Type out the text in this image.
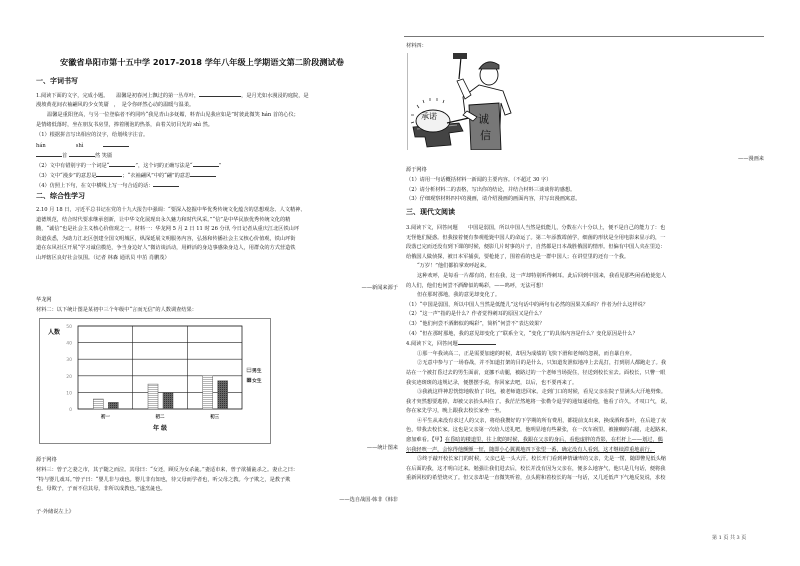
安徽省阜阳市第十五中学 2017-2018 学年八年级上学期语文第二阶段测试卷
一、字词书写
1.阅读下面的文字，完成小题。　　温馨是初春河上飘过的第一丛草叶，	，是月光如水漫浸的庭院，是
漫坡黄花间衣袖翩风的少女笑靥　，　是令你砰然心动的温暖与温柔。
温馨是重阳登高，与另一位登临者不约同吟“我见青山多妩媚，料青山见我应如是”时彼此微笑 hán 首的心仪；
是情绪低落时，坐在朋友书房里，捧着刚泡的热茶，由着关切目光的 shì 然。
（1）根据拼音写出相应的汉字，给划线字注音。
hán	shì
首	然 笑靥
（2）文中有错别字的一个词是“	”，这个词的正确写法是“	”
（3）文中“漫步”的意思是	；“衣袖翩风”中的“翩”的意思
（4）仿照上下句，在文中横线上写一句合适的话：
二、综合性学习
2.10 月 18 日，习近平总书记在党的十九大报告中强调：“要深入挖掘中华优秀传统文化蕴含的思想观念、人文精神、
道德规范，结合时代要求继承创新，让中华文化展现出永久魅力和时代风采。”“信”是中华民族优秀传统文化的精
髓，“诚信”也是社会主义核心价值观之一。材料一：华龙网 5 月 2 日 11 时 26 分讯 今日记者从重庆江北区铁山坪
街道获悉，为助力江北区创建全国文明城区，纵深延展文明服务内容，弘扬和传播社会主义核心价值观，铁山坪街
道在东风社区开展“学习诚信模范，争当身边好人”微访谈活动，用鲜活的身边事感染身边人，用群众的方式营造铁
山坪辖区良好社会氛围。（记者 林森 通讯员 申茁 肖鹏茂）
——新闻来源于
华龙网
材料二：以下统计图是某初中三个年级中“言而无信”的人数调查结果：
0
10
20
30
40
50
人数
初一	初二	初三
年 级
男生
女生
——统计图来
源于网络
材料三：曾子之妻之市，其子随之而泣。其母曰：“女还，顾反为女杀彘。”妻适市来，曾子欲捕彘杀之。妻止之曰：
“特与婴儿戏耳。”曾子曰：“婴儿非与戏也。婴儿非有知也，待父母而学者也，听父母之教。今子欺之，是教子欺
也。母欺子，子而不信其母，非所以成教也。”遂烹彘也。
——选自战国·韩非《韩非
子·外储说左上》
材料四：
承诺	诚
信
——漫画来
源于网络
（1）请用一句话概括材料一新闻的主要内容。（不超过 30 字）
（2）请分析材料二的表格，写出你的结论，并结合材料三谈谈你的感想。
（3）仔细观察材料四中的漫画，请介绍漫画的画面内容，并写出漫画寓意。
三、现代文阅读
3.阅读下文，回答问题　　中国是弱国，所以中国人当然是低能儿，分数在六十分以上，便不是自己的能力了：也
无怪他们疑惑。但我接着便有参观枪毙中国人的命运了。第二年添教霉菌学，细菌的形状是全用电影来显示的，一
段落已完而还没有到下课的时候，便影几片时事的片子，自然都是日本战胜俄国的情形。但偏有中国人夹在里边：
给俄国人做侦探，被日本军捕获，要枪毙了，围着看的也是一群中国人；在讲堂里的还有一个我。
“万岁！”他们都拍掌欢呼起来。
这种欢呼，是每看一片都有的，但在我，这一声却特别听得刺耳。此后回到中国来，我看见那些闲看枪毙犯人
的人们，他们也何尝不酒醉似的喝彩，——呜呼，无法可想！
但在那时那地，我的意见却变化了。
（1）“中国是弱国，所以中国人当然是低能儿”这句话中的两句有必然的因果关系吗？作者为什么这样说？
（2）“这一声”指的是什么？作者觉得刺耳的原因又是什么？
（3）“他们何尝不酒醉似的喝彩”，简析“何尝不”表达效果？
（4）“但在那时那地，我的意见却变化了”联系全文，“变化了”的具体内容是什么？变化原因是什么？
4.阅读下文，回答问题
①那一年我读高二，正是需要加速的时候，却因为成绩的飞快下滑和老师的忽视，而自暴自弃。
②无意中参与了一场春战，并不知道打架的目的是什么，只知道发泄似地冲上去乱打，打到别人都跑走了。我
站在一个被打昏过去的男生面前，竟挪不动腿，被路过的一个老师当场捉住，径送到校长室去。面校长，只瞥一眼
我实迹斑斑的违规记录，便摆摆手说，你回家去吧，以后，也不要再来了。
③我就这样神思恍惚地收拾了书包，被老师遣送回家。走到门口的时候，看见父亲在院子里满头大汗地劈柴。
我才突然想要逃掉，却被父亲抬头叫住了。我茫茫然地将一张勒令退学的通知递给他，他看了许久，才叹口气，说，
你在家先学习，晚上跟我去校长家坐一坐。
④平生从来没有求过人的父亲，将给我攒好的下学期的所有费用，都提前支出来，换成酒和茶叶，在后趁了夜
色，带我去校长家。这也是父亲第一次给人送礼吧，他明显地有些紧张，在一次车祸里，被撞瘸的右腿，走起路来，
愈加难看。【甲】在昏暗的楼道里，往上爬的时候，我跟在父亲的身后，看他虚胖的背影，在栏杆上——划过，偶
尔我轻咳一声，会惊得他颤颤一怔，随即小心翼翼地四下张望一番，确定没有人看到，这才继续滞重地前行。
⑤终于敲开校长家门的时候，父亲已是一头大汗。校长开门看到神情谦卑的父亲，先是一愣，随即瞥见低头缩
在后面的我，这才明白过来。勉强让我们进去后，校长并没有因为父亲在，便多么地客气，他只是几句话，便将我
重新回校的希望烧灭了。但父亲却是一直微笑听着，点头附和着校长的每一句话，又几近低声下气地反复说，求校
第 1 页 共 3 页
